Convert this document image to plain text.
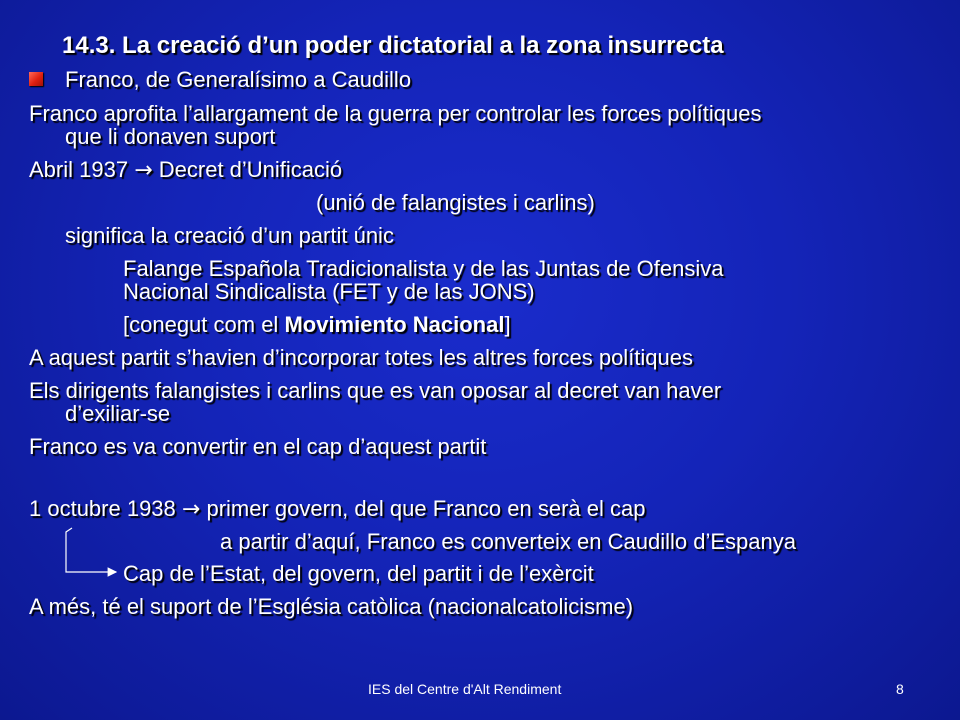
14.3. La creació d’un poder dictatorial a la zona insurrecta
Franco, de Generalísimo a Caudillo
Franco aprofita l’allargament de la guerra per controlar les forces polítiques
que li donaven suport
Abril 1937 → Decret d’Unificació
(unió de falangistes i carlins)
significa la creació d’un partit únic
Falange Española Tradicionalista y de las Juntas de Ofensiva
Nacional Sindicalista (FET y de las JONS)
[conegut com el Movimiento Nacional]
A aquest partit s’havien d’incorporar totes les altres forces polítiques
Els dirigents falangistes i carlins que es van oposar al decret van haver
d’exiliar-se
Franco es va convertir en el cap d’aquest partit
1 octubre 1938 → primer govern, del que Franco en serà el cap
a partir d’aquí, Franco es converteix en Caudillo d’Espanya
Cap de l’Estat, del govern, del partit i de l’exèrcit
A més, té el suport de l’Església catòlica (nacionalcatolicisme)
IES del Centre d'Alt Rendiment	8
